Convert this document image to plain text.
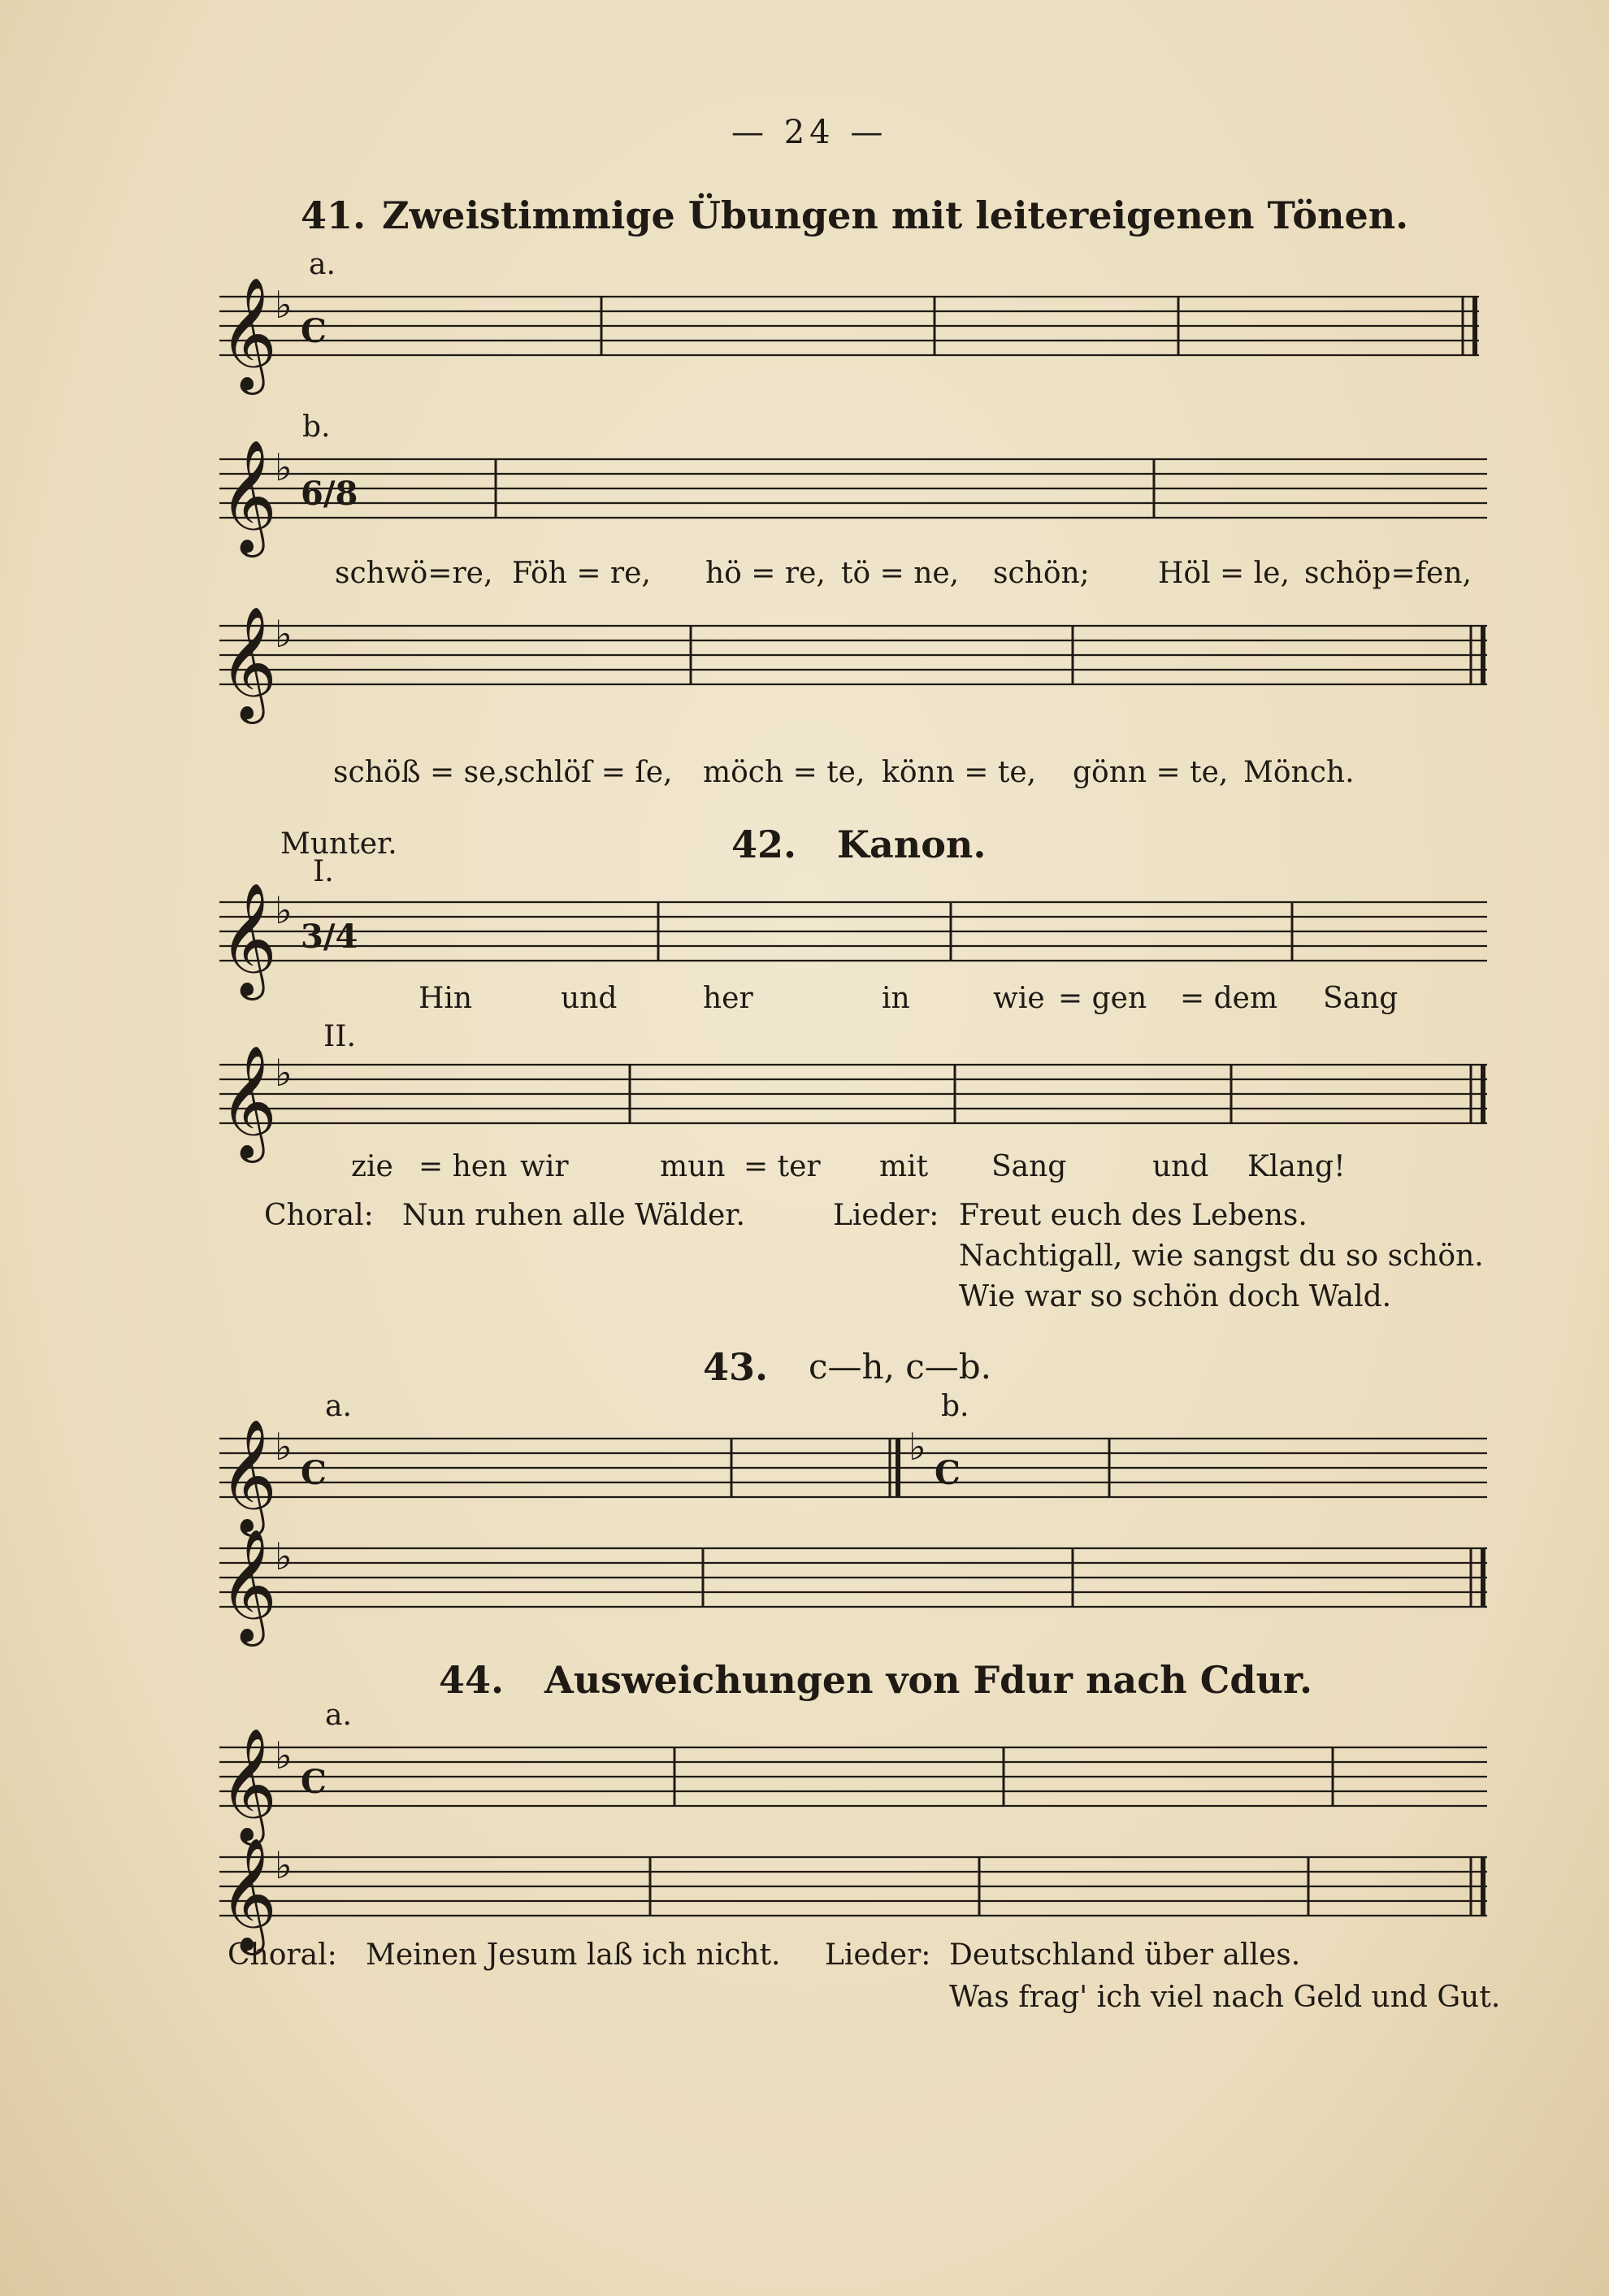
— 24 —
41. Zweistimmige Übungen mit leitereigenen Tönen.
a.
𝄞
♭
C
b.
𝄞
♭
6/8
schwö=re, Föh = re, hö = re, tö = ne, schön; Höl = le, schöp=fen,
𝄞
♭
schöß = se,
schlöſ = ſe, möch = te, könn = te, gönn = te, Mönch.
Munter.	42. Kanon.
I.
𝄞
♭
3/4
Hin	und	her	in	wie = gen = dem Sang
II.
𝄞
♭
zie = hen wir	mun = ter mit Sang	und Klang!
Choral: Nun ruhen alle Wälder.	Lieder: Freut euch des Lebens.
Nachtigall, wie sangst du so schön.
Wie war so schön doch Wald.
43. c—h, c—b.
a.	b.
𝄞
♭
C
♭
C
𝄞
♭
44. Ausweichungen von Fdur nach Cdur.
a.
𝄞
♭
C
𝄞
♭
Choral: Meinen Jesum laß ich nicht. Lieder: Deutschland über alles.
Was frag' ich viel nach Geld und Gut.
